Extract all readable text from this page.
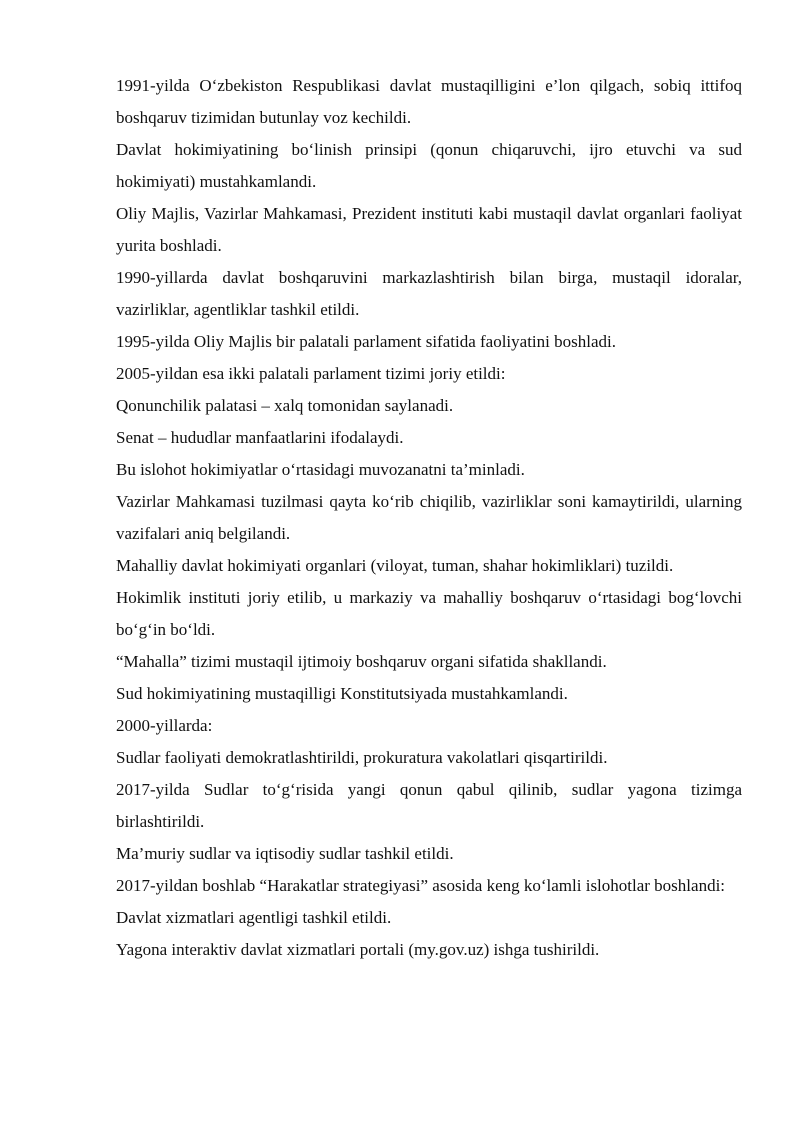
1991-yilda O‘zbekiston Respublikasi davlat mustaqilligini e’lon qilgach, sobiq ittifoq boshqaruv tizimidan butunlay voz kechildi.

Davlat hokimiyatining bo‘linish prinsipi (qonun chiqaruvchi, ijro etuvchi va sud hokimiyati) mustahkamlandi.

Oliy Majlis, Vazirlar Mahkamasi, Prezident instituti kabi mustaqil davlat organlari faoliyat yurita boshladi.

1990-yillarda davlat boshqaruvini markazlashtirish bilan birga, mustaqil idoralar, vazirliklar, agentliklar tashkil etildi.

1995-yilda Oliy Majlis bir palatali parlament sifatida faoliyatini boshladi.

2005-yildan esa ikki palatali parlament tizimi joriy etildi:

Qonunchilik palatasi – xalq tomonidan saylanadi.

Senat – hududlar manfaatlarini ifodalaydi.

Bu islohot hokimiyatlar o‘rtasidagi muvozanatni ta’minladi.

Vazirlar Mahkamasi tuzilmasi qayta ko‘rib chiqilib, vazirliklar soni kamaytirildi, ularning vazifalari aniq belgilandi.

Mahalliy davlat hokimiyati organlari (viloyat, tuman, shahar hokimliklari) tuzildi.

Hokimlik instituti joriy etilib, u markaziy va mahalliy boshqaruv o‘rtasidagi bog‘lovchi bo‘g‘in bo‘ldi.

“Mahalla” tizimi mustaqil ijtimoiy boshqaruv organi sifatida shakllandi.

Sud hokimiyatining mustaqilligi Konstitutsiyada mustahkamlandi.

2000-yillarda:

Sudlar faoliyati demokratlashtirildi, prokuratura vakolatlari qisqartirildi.

2017-yilda Sudlar to‘g‘risida yangi qonun qabul qilinib, sudlar yagona tizimga birlashtirildi.

Ma’muriy sudlar va iqtisodiy sudlar tashkil etildi.

2017-yildan boshlab “Harakatlar strategiyasi” asosida keng ko‘lamli islohotlar boshlandi:

Davlat xizmatlari agentligi tashkil etildi.

Yagona interaktiv davlat xizmatlari portali (my.gov.uz) ishga tushirildi.
